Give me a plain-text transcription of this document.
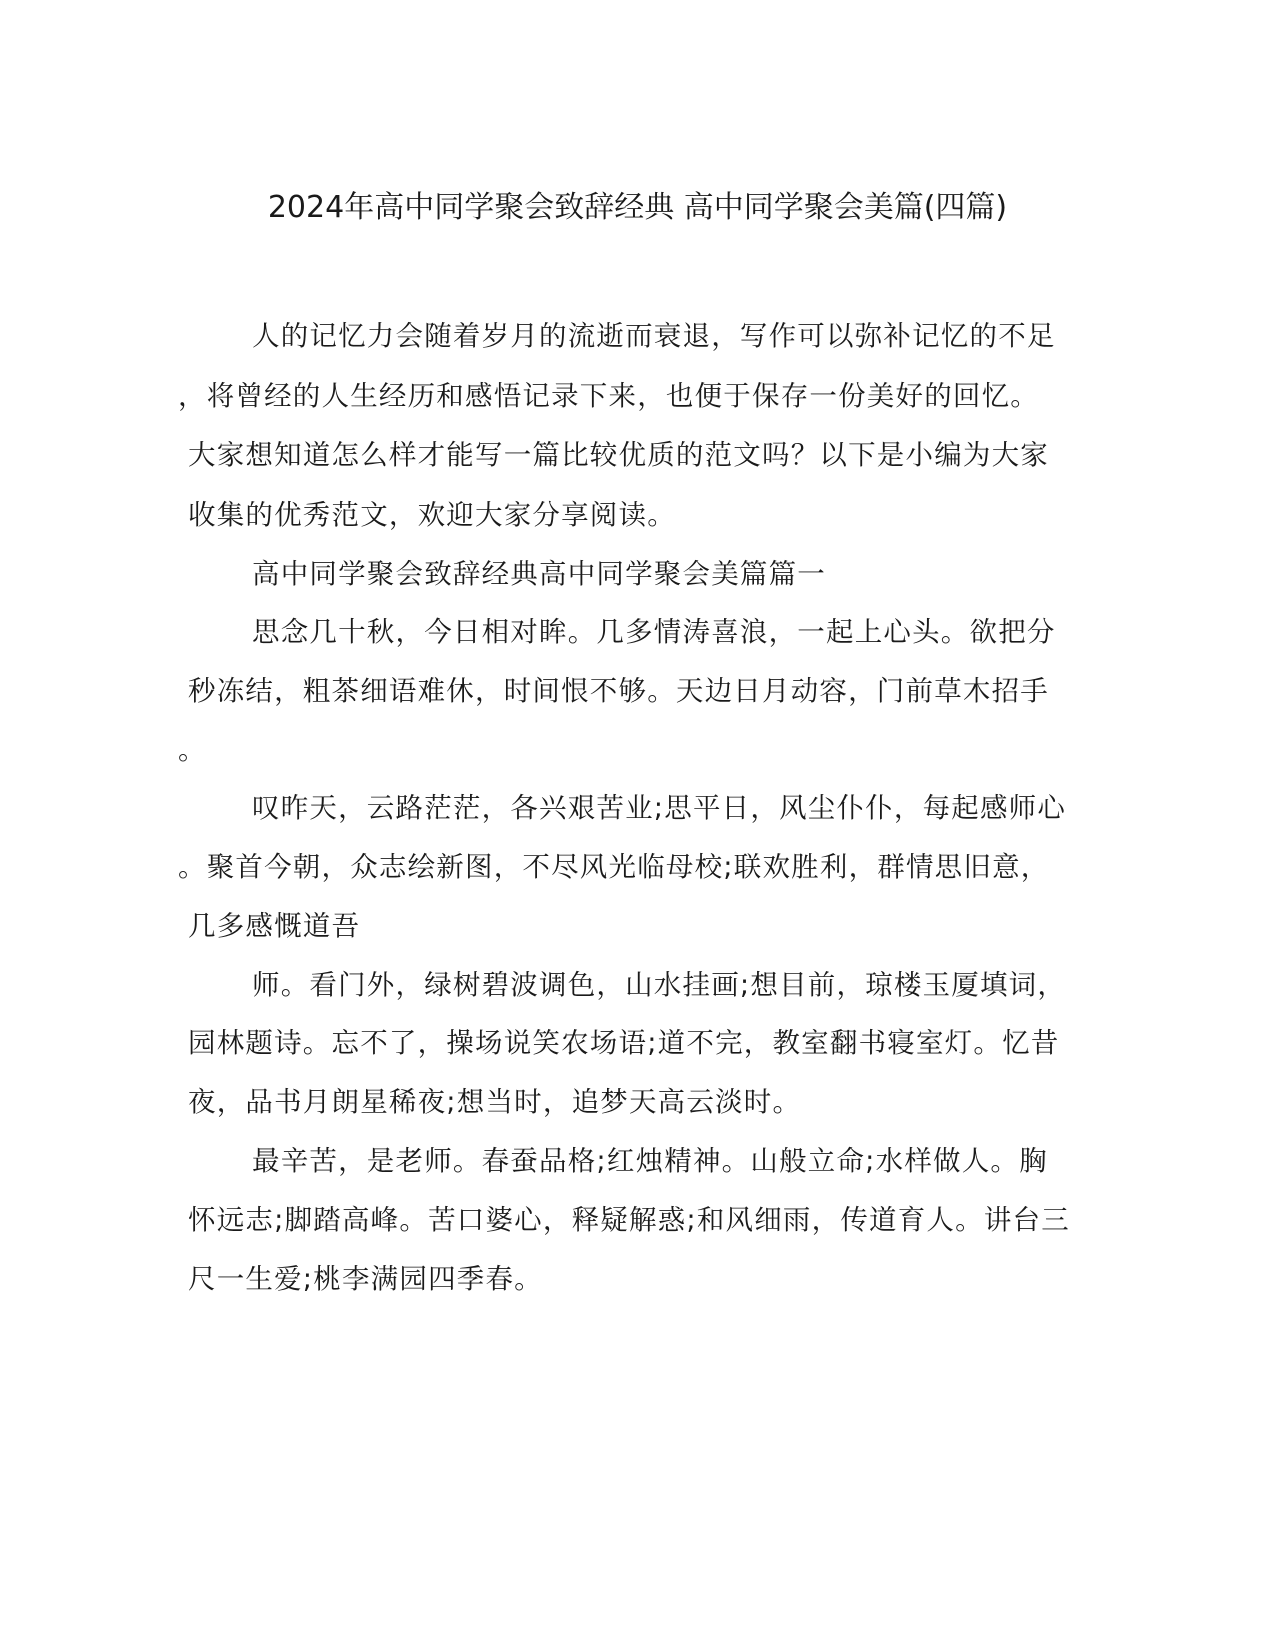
2024年高中同学聚会致辞经典 高中同学聚会美篇(四篇)
人的记忆力会随着岁月的流逝而衰退，写作可以弥补记忆的不足
，将曾经的人生经历和感悟记录下来，也便于保存一份美好的回忆。
大家想知道怎么样才能写一篇比较优质的范文吗？以下是小编为大家
收集的优秀范文，欢迎大家分享阅读。
高中同学聚会致辞经典高中同学聚会美篇篇一
思念几十秋，今日相对眸。几多情涛喜浪，一起上心头。欲把分
秒冻结，粗茶细语难休，时间恨不够。天边日月动容，门前草木招手
。
叹昨天，云路茫茫，各兴艰苦业;思平日，风尘仆仆，每起感师心
。聚首今朝，众志绘新图，不尽风光临母校;联欢胜利，群情思旧意，
几多感慨道吾
师。看门外，绿树碧波调色，山水挂画;想目前，琼楼玉厦填词，
园林题诗。忘不了，操场说笑农场语;道不完，教室翻书寝室灯。忆昔
夜，品书月朗星稀夜;想当时，追梦天高云淡时。
最辛苦，是老师。春蚕品格;红烛精神。山般立命;水样做人。胸
怀远志;脚踏高峰。苦口婆心，释疑解惑;和风细雨，传道育人。讲台三
尺一生爱;桃李满园四季春。
